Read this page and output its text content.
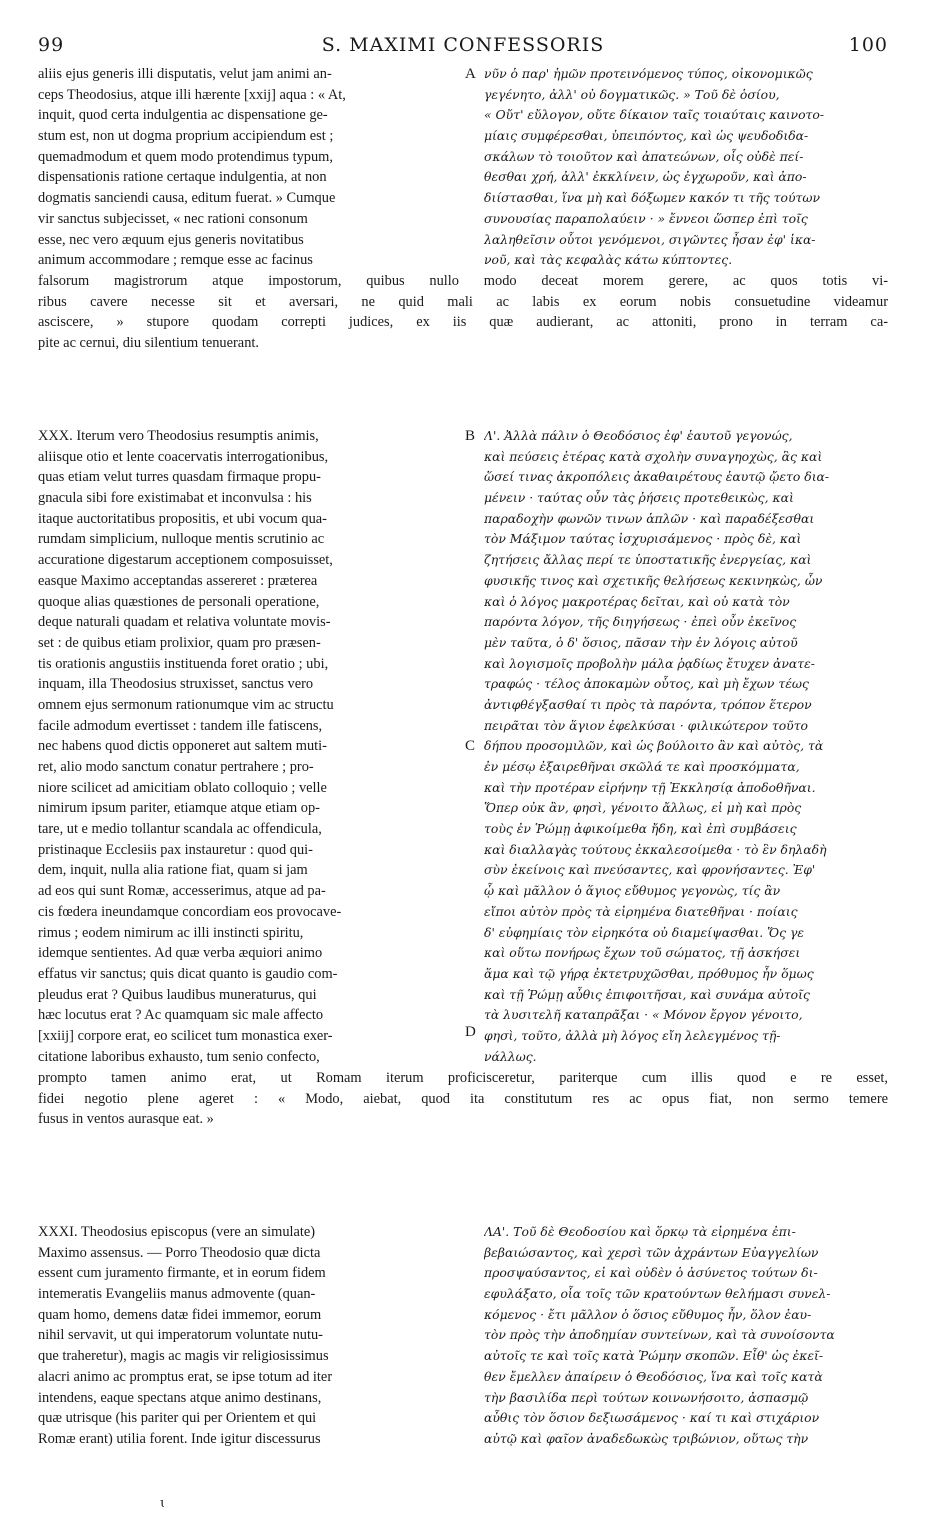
99	S. MAXIMI CONFESSORIS	100
aliis ejus generis illi disputatis, velut jam animi an-
ceps Theodosius, atque illi hærente [xxij] aqua : « At,
inquit, quod certa indulgentia ac dispensatione ge-
stum est, non ut dogma proprium accipiendum est ;
quemadmodum et quem modo protendimus typum,
dispensationis ratione certaque indulgentia, at non
dogmatis sanciendi causa, editum fuerat. » Cumque
vir sanctus subjecisset, « nec rationi consonum
esse, nec vero æquum ejus generis novitatibus
animum accommodare ; remque esse ac facinus
νῦν ὁ παρ' ἡμῶν προτεινόμενος τύπος, οἰκονομικῶς
γεγένητο, ἀλλ' οὐ δογματικῶς. » Τοῦ δὲ ὁσίου,
« Οὔτ' εὔλογον, οὔτε δίκαιον ταῖς τοιαύταις καινοτο-
μίαις συμφέρεσθαι, ὑπειπόντος, καὶ ὡς ψευδοδιδα-
σκάλων τὸ τοιοῦτον καὶ ἀπατεώνων, οἷς οὐδὲ πεί-
θεσθαι χρή, ἀλλ' ἐκκλίνειν, ὡς ἐγχωροῦν, καὶ ἀπο-
διίστασθαι, ἵνα μὴ καὶ δόξωμεν κακόν τι τῆς τούτων
συνουσίας παραπολαύειν · » ἔννεοι ὥσπερ ἐπὶ τοῖς
λαληθεῖσιν οὗτοι γενόμενοι, σιγῶντες ἦσαν ἐφ' ἱκα-
νοῦ, καὶ τὰς κεφαλὰς κάτω κύπτοντες.
falsorum magistrorum atque impostorum, quibus nullo modo deceat morem gerere, ac quos totis vi-
ribus cavere necesse sit et aversari, ne quid mali ac labis ex eorum nobis consuetudine videamur
asciscere, » stupore quodam correpti judices, ex iis quæ audierant, ac attoniti, prono in terram ca-
pite ac cernui, diu silentium tenuerant.
XXX. Iterum vero Theodosius resumptis animis,
aliisque otio et lente coacervatis interrogationibus,
quas etiam velut turres quasdam firmaque propu-
gnacula sibi fore existimabat et inconvulsa : his
itaque auctoritatibus propositis, et ubi vocum qua-
rumdam simplicium, nulloque mentis scrutinio ac
accuratione digestarum acceptionem composuisset,
easque Maximo acceptandas assereret : præterea
quoque alias quæstiones de personali operatione,
deque naturali quadam et relativa voluntate movis-
set : de quibus etiam prolixior, quam pro præsen-
tis orationis angustiis instituenda foret oratio ; ubi,
inquam, illa Theodosius struxisset, sanctus vero
omnem ejus sermonum rationumque vim ac structu
facile admodum evertisset : tandem ille fatiscens,
nec habens quod dictis opponeret aut saltem muti-
ret, alio modo sanctum conatur pertrahere ; pro-
niore scilicet ad amicitiam oblato colloquio ; velle
nimirum ipsum pariter, etiamque atque etiam op-
tare, ut e medio tollantur scandala ac offendicula,
pristinaque Ecclesiis pax instauretur : quod qui-
dem, inquit, nulla alia ratione fiat, quam si jam
ad eos qui sunt Romæ, accesserimus, atque ad pa-
cis fœdera ineundamque concordiam eos provocave-
rimus ; eodem nimirum ac illi instincti spiritu,
idemque sentientes. Ad quæ verba æquiori animo
effatus vir sanctus; quis dicat quanto is gaudio com-
pleudus erat ? Quibus laudibus muneraturus, qui
hæc locutus erat ? Ac quamquam sic male affecto
[xxiij] corpore erat, eo scilicet tum monastica exer-
citatione laboribus exhausto, tum senio confecto,
Λ'. Ἀλλὰ πάλιν ὁ Θεοδόσιος ἐφ' ἑαυτοῦ γεγονώς,
καὶ πεύσεις ἑτέρας κατὰ σχολὴν συναγηοχὼς, ἃς καὶ
ὥσεί τινας ἀκροπόλεις ἀκαθαιρέτους ἑαυτῷ ᾤετο δια-
μένειν · ταύτας οὖν τὰς ῥήσεις προτεθεικὼς, καὶ
παραδοχὴν φωνῶν τινων ἁπλῶν · καὶ παραδέξεσθαι
τὸν Μάξιμον ταύτας ἰσχυρισάμενος · πρὸς δὲ, καὶ
ζητήσεις ἄλλας περί τε ὑποστατικῆς ἐνεργείας, καὶ
φυσικῆς τινος καὶ σχετικῆς θελήσεως κεκινηκὼς, ὧν
καὶ ὁ λόγος μακροτέρας δεῖται, καὶ οὐ κατὰ τὸν
παρόντα λόγον, τῆς διηγήσεως · ἐπεὶ οὖν ἐκεῖνος
μὲν ταῦτα, ὁ δ' ὅσιος, πᾶσαν τὴν ἐν λόγοις αὐτοῦ
καὶ λογισμοῖς προβολὴν μάλα ῥᾳδίως ἔτυχεν ἀνατε-
τραφώς · τέλος ἀποκαμὼν οὗτος, καὶ μὴ ἔχων τέως
ἀντιφθέγξασθαί τι πρὸς τὰ παρόντα, τρόπον ἕτερον
πειρᾶται τὸν ἅγιον ἐφελκύσαι · φιλικώτερον τοῦτο
δήπου προσομιλῶν, καὶ ὡς βούλοιτο ἂν καὶ αὐτὸς, τὰ
ἐν μέσῳ ἐξαιρεθῆναι σκῶλά τε καὶ προσκόμματα,
καὶ τὴν προτέραν εἰρήνην τῇ Ἐκκλησίᾳ ἀποδοθῆναι.
Ὅπερ οὐκ ἂν, φησὶ, γένοιτο ἄλλως, εἰ μὴ καὶ πρὸς
τοὺς ἐν Ῥώμῃ ἀφικοίμεθα ἤδη, καὶ ἐπὶ συμβάσεις
καὶ διαλλαγὰς τούτους ἐκκαλεσοίμεθα · τὸ ἓν δηλαδὴ
σὺν ἐκείνοις καὶ πνεύσαντες, καὶ φρονήσαντες. Ἐφ'
ᾧ καὶ μᾶλλον ὁ ἅγιος εὔθυμος γεγονὼς, τίς ἂν
εἴποι αὐτὸν πρὸς τὰ εἰρημένα διατεθῆναι · ποίαις
δ' εὐφημίαις τὸν εἰρηκότα οὐ διαμείψασθαι. Ὅς γε
καὶ οὕτω πονήρως ἔχων τοῦ σώματος, τῇ ἀσκήσει
ἅμα καὶ τῷ γήρᾳ ἐκτετρυχῶσθαι, πρόθυμος ἦν ὅμως
καὶ τῇ Ῥώμῃ αὖθις ἐπιφοιτῆσαι, καὶ συνάμα αὐτοῖς
τὰ λυσιτελῆ καταπρᾶξαι · « Μόνον ἔργον γένοιτο,
φησὶ, τοῦτο, ἀλλὰ μὴ λόγος εἴη λελεγμένος τῇ-
νάλλως.
prompto tamen animo erat, ut Romam iterum proficisceretur, pariterque cum illis quod e re esset,
fidei negotio plene ageret : « Modo, aiebat, quod ita constitutum res ac opus fiat, non sermo temere
fusus in ventos aurasque eat. »
XXXI. Theodosius episcopus (vere an simulate)
Maximo assensus. — Porro Theodosio quæ dicta
essent cum juramento firmante, et in eorum fidem
intemeratis Evangeliis manus admovente (quan-
quam homo, demens datæ fidei immemor, eorum
nihil servavit, ut qui imperatorum voluntate nutu-
que traheretur), magis ac magis vir religiosissimus
alacri animo ac promptus erat, se ipse totum ad iter
intendens, eaque spectans atque animo destinans,
quæ utrisque (his pariter qui per Orientem et qui
Romæ erant) utilia forent. Inde igitur discessurus
ΛΑ'. Τοῦ δὲ Θεοδοσίου καὶ ὅρκῳ τὰ εἰρημένα ἐπι-
βεβαιώσαντος, καὶ χερσὶ τῶν ἀχράντων Εὐαγγελίων
προσψαύσαντος, εἰ καὶ οὐδὲν ὁ ἀσύνετος τούτων δι-
εφυλάξατο, οἷα τοῖς τῶν κρατούντων θελήμασι συνελ-
κόμενος · ἔτι μᾶλλον ὁ ὅσιος εὔθυμος ἦν, ὅλον ἑαυ-
τὸν πρὸς τὴν ἀποδημίαν συντείνων, καὶ τὰ συνοίσοντα
αὐτοῖς τε καὶ τοῖς κατὰ Ῥώμην σκοπῶν. Εἶθ' ὡς ἐκεῖ-
θεν ἔμελλεν ἀπαίρειν ὁ Θεοδόσιος, ἵνα καὶ τοῖς κατὰ
τὴν βασιλίδα περὶ τούτων κοινωνήσοιτο, ἀσπασμῷ
αὖθις τὸν ὅσιον δεξιωσάμενος · καί τι καὶ στιχάριον
αὐτῷ καὶ φαῖον ἀναδεδωκὼς τριβώνιον, οὕτως τὴν
A
B
C
D
ɩ
